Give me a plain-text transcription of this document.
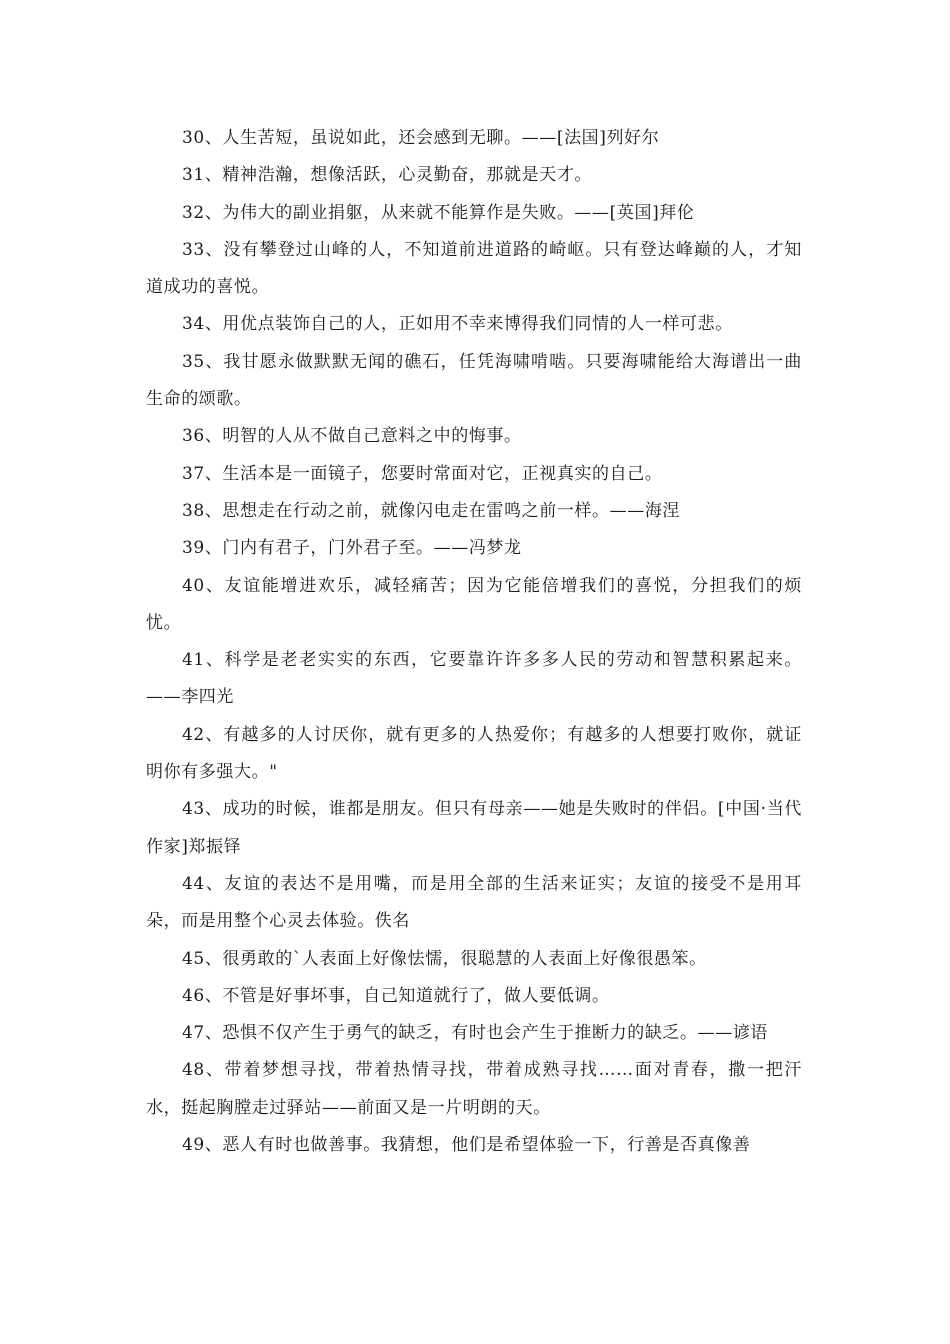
30、人生苦短，虽说如此，还会感到无聊。——[法国]列好尔

31、精神浩瀚，想像活跃，心灵勤奋，那就是天才。

32、为伟大的副业捐躯，从来就不能算作是失败。——[英国]拜伦

33、没有攀登过山峰的人，不知道前进道路的崎岖。只有登达峰巅的人，才知道成功的喜悦。

34、用优点装饰自己的人，正如用不幸来博得我们同情的人一样可悲。

35、我甘愿永做默默无闻的礁石，任凭海啸啃啮。只要海啸能给大海谱出一曲生命的颂歌。

36、明智的人从不做自己意料之中的悔事。

37、生活本是一面镜子，您要时常面对它，正视真实的自己。

38、思想走在行动之前，就像闪电走在雷鸣之前一样。——海涅

39、门内有君子，门外君子至。——冯梦龙

40、友谊能增进欢乐，减轻痛苦；因为它能倍增我们的喜悦，分担我们的烦忧。

41、科学是老老实实的东西，它要靠许许多多人民的劳动和智慧积累起来。——李四光

42、有越多的人讨厌你，就有更多的人热爱你；有越多的人想要打败你，就证明你有多强大。"

43、成功的时候，谁都是朋友。但只有母亲——她是失败时的伴侣。[中国·当代作家]郑振铎

44、友谊的表达不是用嘴，而是用全部的生活来证实；友谊的接受不是用耳朵，而是用整个心灵去体验。佚名

45、很勇敢的`人表面上好像怯懦，很聪慧的人表面上好像很愚笨。

46、不管是好事坏事，自己知道就行了，做人要低调。

47、恐惧不仅产生于勇气的缺乏，有时也会产生于推断力的缺乏。——谚语

48、带着梦想寻找，带着热情寻找，带着成熟寻找……面对青春，撒一把汗水，挺起胸膛走过驿站——前面又是一片明朗的天。

49、恶人有时也做善事。我猜想，他们是希望体验一下，行善是否真像善
